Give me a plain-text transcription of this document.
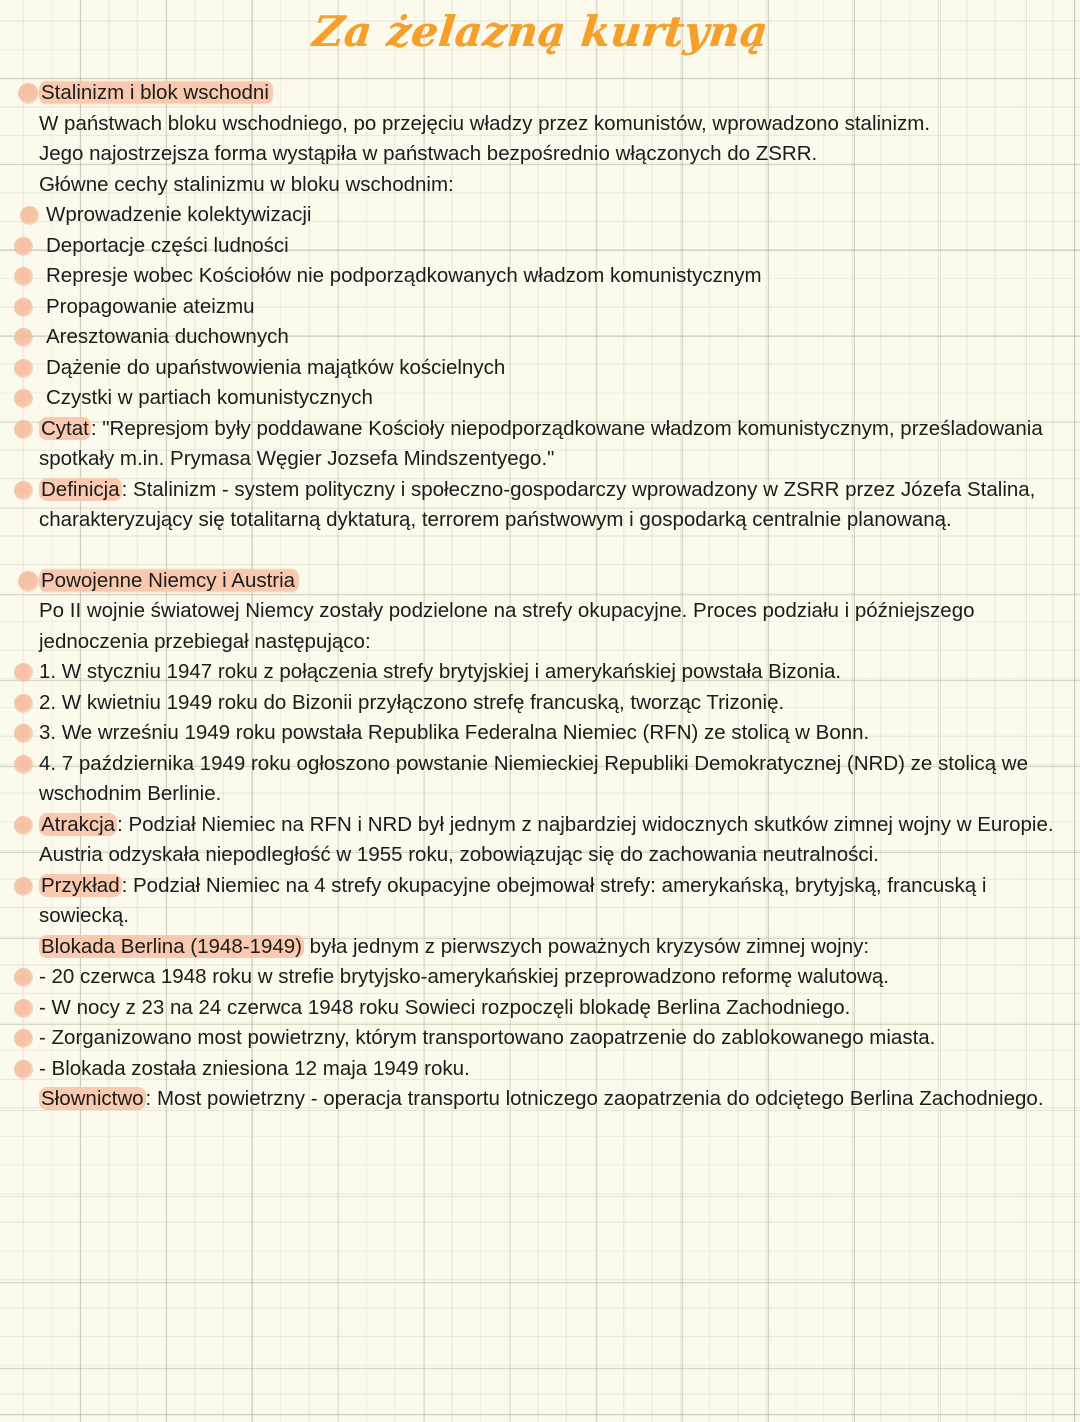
Za żelazną kurtyną
Stalinizm i blok wschodni

W państwach bloku wschodniego, po przejęciu władzy przez komunistów, wprowadzono stalinizm.

Jego najostrzejsza forma wystąpiła w państwach bezpośrednio włączonych do ZSRR.

Główne cechy stalinizmu w bloku wschodnim:

Wprowadzenie kolektywizacji

Deportacje części ludności

Represje wobec Kościołów nie podporządkowanych władzom komunistycznym

Propagowanie ateizmu

Aresztowania duchownych

Dążenie do upaństwowienia majątków kościelnych

Czystki w partiach komunistycznych

Cytat: "Represjom były poddawane Kościoły niepodporządkowane władzom komunistycznym, prześladowania spotkały m.in. Prymasa Węgier Jozsefa Mindszentyego."

Definicja: Stalinizm - system polityczny i społeczno-gospodarczy wprowadzony w ZSRR przez Józefa Stalina, charakteryzujący się totalitarną dyktaturą, terrorem państwowym i gospodarką centralnie planowaną.

Powojenne Niemcy i Austria

Po II wojnie światowej Niemcy zostały podzielone na strefy okupacyjne. Proces podziału i późniejszego jednoczenia przebiegał następująco:

1. W styczniu 1947 roku z połączenia strefy brytyjskiej i amerykańskiej powstała Bizonia.

2. W kwietniu 1949 roku do Bizonii przyłączono strefę francuską, tworząc Trizonię.

3. We wrześniu 1949 roku powstała Republika Federalna Niemiec (RFN) ze stolicą w Bonn.

4. 7 października 1949 roku ogłoszono powstanie Niemieckiej Republiki Demokratycznej (NRD) ze stolicą we wschodnim Berlinie.

Atrakcja: Podział Niemiec na RFN i NRD był jednym z najbardziej widocznych skutków zimnej wojny w Europie.

Austria odzyskała niepodległość w 1955 roku, zobowiązując się do zachowania neutralności.

Przykład: Podział Niemiec na 4 strefy okupacyjne obejmował strefy: amerykańską, brytyjską, francuską i sowiecką.

Blokada Berlina (1948-1949) była jednym z pierwszych poważnych kryzysów zimnej wojny:

- 20 czerwca 1948 roku w strefie brytyjsko-amerykańskiej przeprowadzono reformę walutową.

- W nocy z 23 na 24 czerwca 1948 roku Sowieci rozpoczęli blokadę Berlina Zachodniego.

- Zorganizowano most powietrzny, którym transportowano zaopatrzenie do zablokowanego miasta.

- Blokada została zniesiona 12 maja 1949 roku.

Słownictwo: Most powietrzny - operacja transportu lotniczego zaopatrzenia do odciętego Berlina Zachodniego.
